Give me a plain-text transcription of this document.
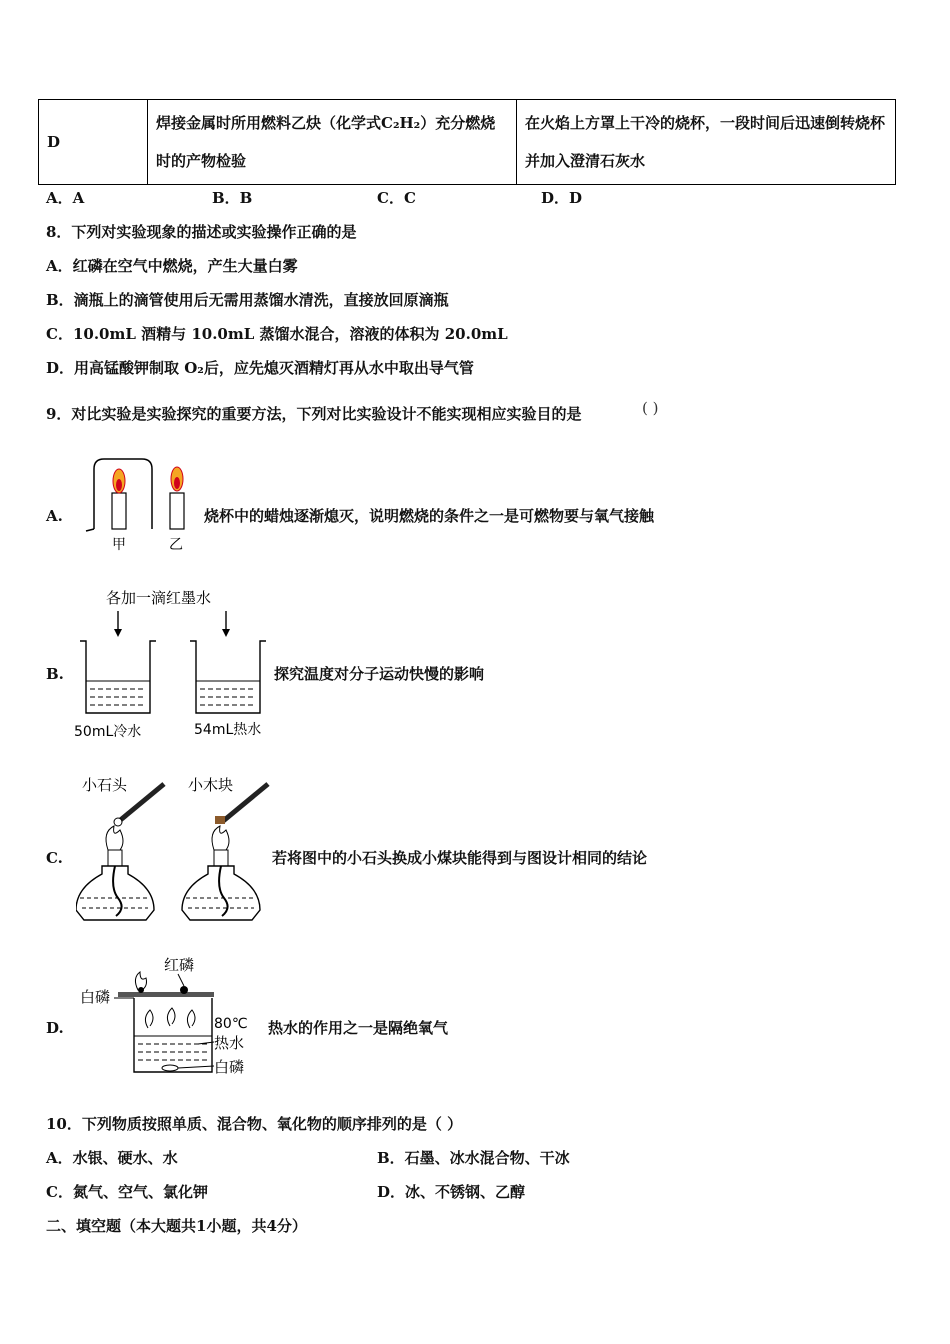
D	焊接金属时所用燃料乙炔（化学式C₂H₂）充分燃烧时的产物检验	在火焰上方罩上干冷的烧杯，一段时间后迅速倒转烧杯并加入澄清石灰水
A．A	B．B	C．C	D．D
8．下列对实验现象的描述或实验操作正确的是
A．红磷在空气中燃烧，产生大量白雾
B．滴瓶上的滴管使用后无需用蒸馏水清洗，直接放回原滴瓶
C．10.0mL 酒精与 10.0mL 蒸馏水混合，溶液的体积为 20.0mL
D．用高锰酸钾制取 O₂后，应先熄灭酒精灯再从水中取出导气管
9．对比实验是实验探究的重要方法，下列对比实验设计不能实现相应实验目的是	( )
A.
甲	乙
烧杯中的蜡烛逐渐熄灭，说明燃烧的条件之一是可燃物要与氧气接触
B.
各加一滴红墨水
50mL冷水	54mL热水
探究温度对分子运动快慢的影响
C.
小石头	小木块
若将图中的小石头换成小煤块能得到与图设计相同的结论
D.
红磷
白磷
80℃
热水
白磷
热水的作用之一是隔绝氧气
10．下列物质按照单质、混合物、氧化物的顺序排列的是（ ）
A．水银、硬水、水	B．石墨、冰水混合物、干冰
C．氮气、空气、氯化钾	D．冰、不锈钢、乙醇
二、填空题（本大题共1小题，共4分）
